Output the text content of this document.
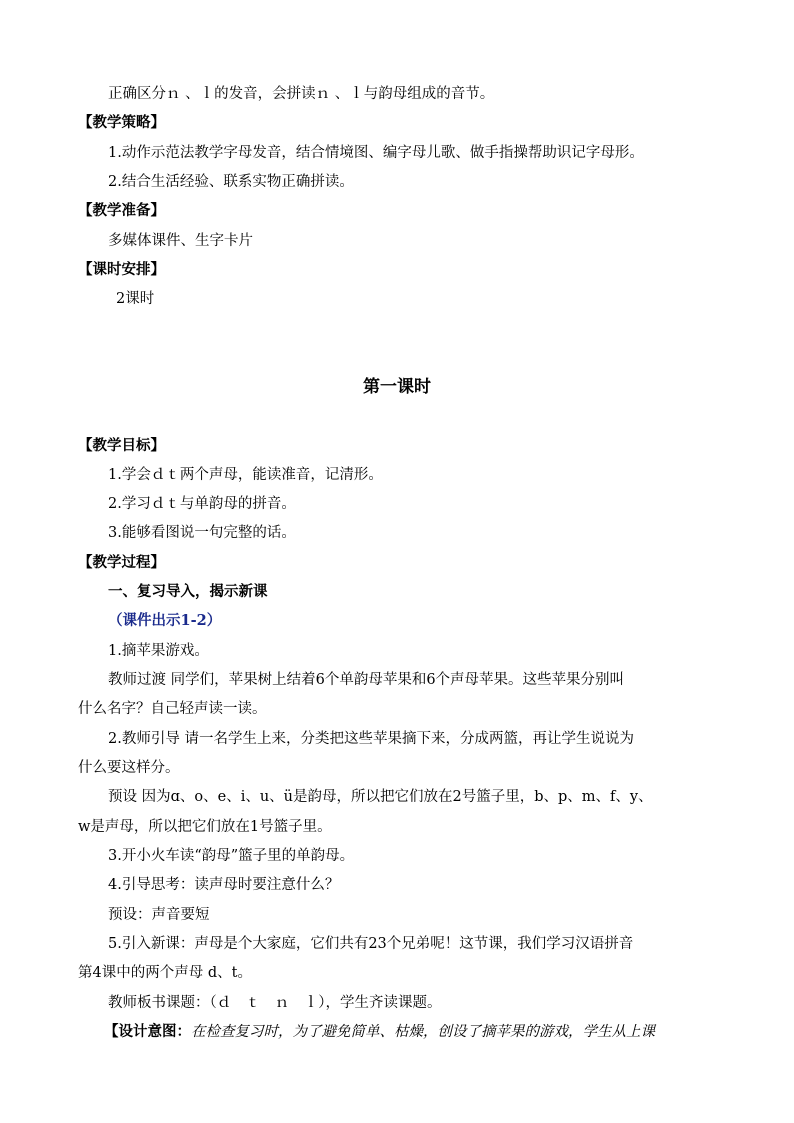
正确区分ｎ 、ｌ的发音，会拼读ｎ 、ｌ与韵母组成的音节。
【教学策略】
1.动作示范法教学字母发音，结合情境图、编字母儿歌、做手指操帮助识记字母形。
2.结合生活经验、联系实物正确拼读。
【教学准备】
多媒体课件、生字卡片
【课时安排】
2课时
第一课时
【教学目标】
1.学会ｄｔ两个声母，能读准音，记清形。
2.学习ｄｔ与单韵母的拼音。
3.能够看图说一句完整的话。
【教学过程】
一、复习导入，揭示新课
（课件出示1-2）
1.摘苹果游戏。
教师过渡 同学们，苹果树上结着6个单韵母苹果和6个声母苹果。这些苹果分别叫
什么名字？自己轻声读一读。
2.教师引导 请一名学生上来，分类把这些苹果摘下来，分成两篮，再让学生说说为
什么要这样分。
预设 因为ɑ、o、e、i、u、ü是韵母，所以把它们放在2号篮子里，b、p、m、f、y、
w是声母，所以把它们放在1号篮子里。
3.开小火车读“韵母”篮子里的单韵母。
4.引导思考：读声母时要注意什么？
预设：声音要短
5.引入新课：声母是个大家庭，它们共有23个兄弟呢！这节课，我们学习汉语拼音
第4课中的两个声母 d、t。
教师板书课题：（ｄ　ｔ　ｎ　ｌ），学生齐读课题。
【设计意图：在检查复习时，为了避免简单、枯燥，创设了摘苹果的游戏，学生从上课
